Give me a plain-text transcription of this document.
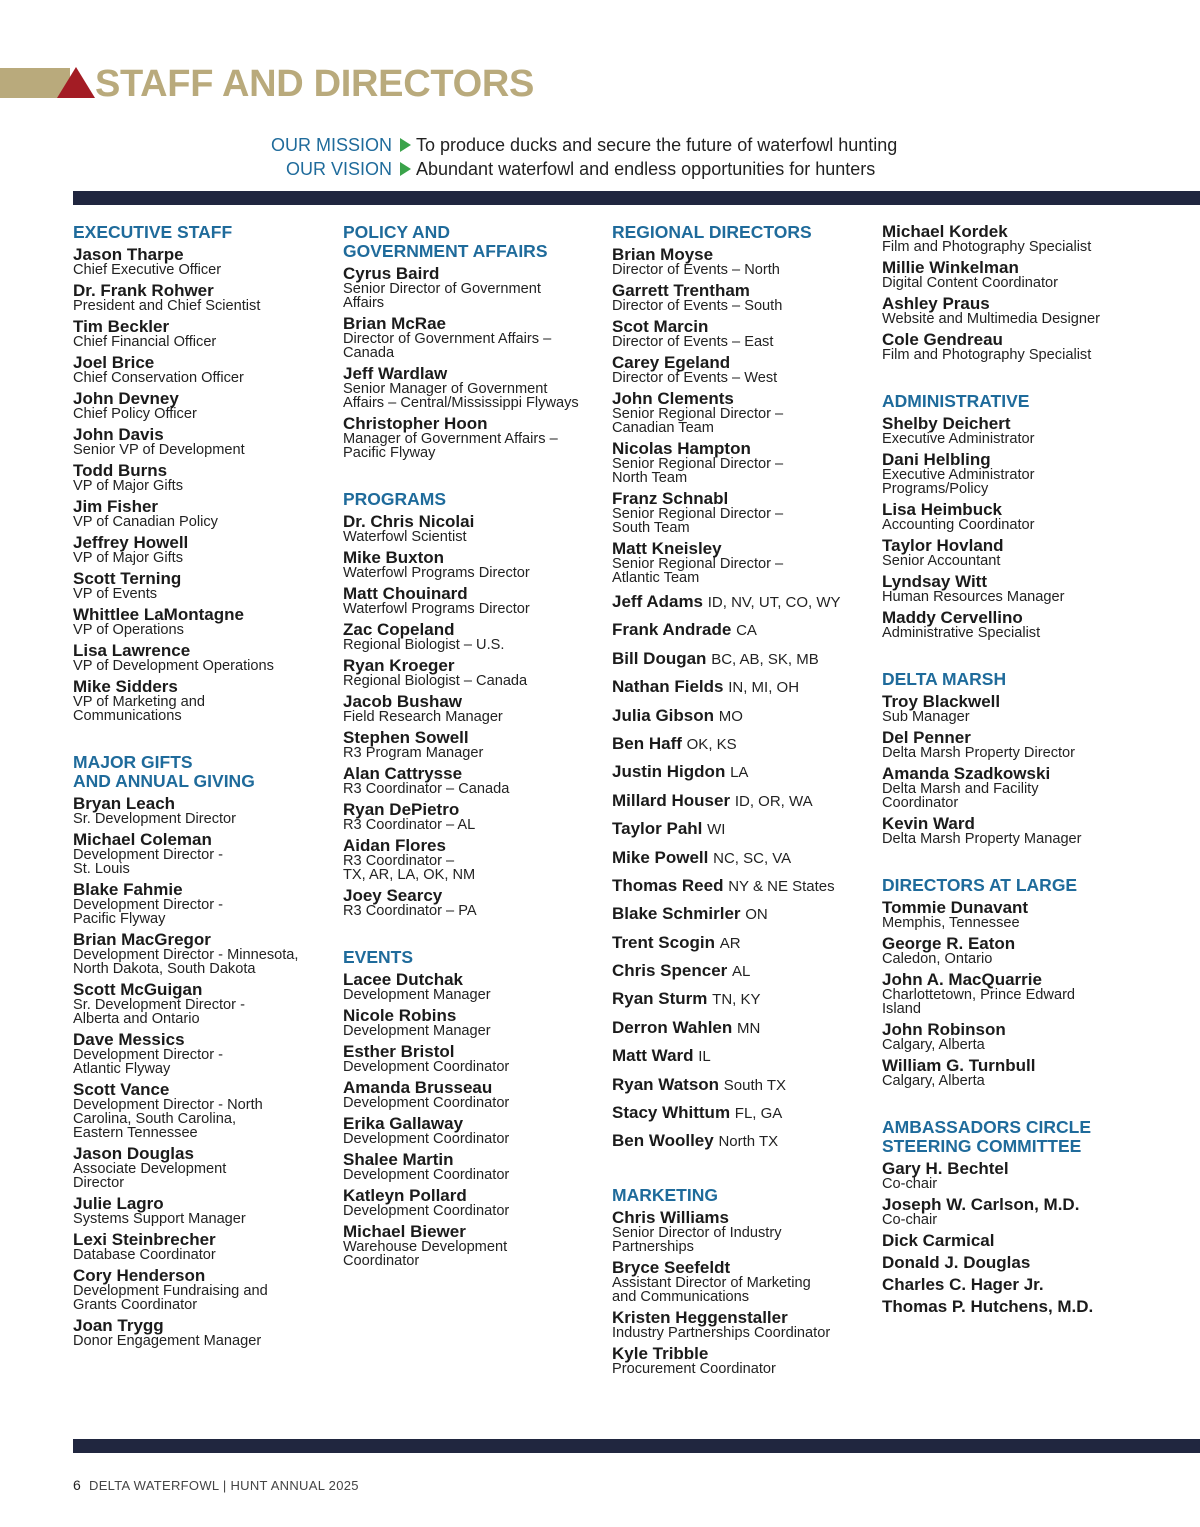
STAFF AND DIRECTORS
OUR MISSION To produce ducks and secure the future of waterfowl hunting
OUR VISION Abundant waterfowl and endless opportunities for hunters
EXECUTIVE STAFF
Jason Tharpe
Chief Executive Officer
Dr. Frank Rohwer
President and Chief Scientist
Tim Beckler
Chief Financial Officer
Joel Brice
Chief Conservation Officer
John Devney
Chief Policy Officer
John Davis
Senior VP of Development
Todd Burns
VP of Major Gifts
Jim Fisher
VP of Canadian Policy
Jeffrey Howell
VP of Major Gifts
Scott Terning
VP of Events
Whittlee LaMontagne
VP of Operations
Lisa Lawrence
VP of Development Operations
Mike Sidders
VP of Marketing and
Communications
MAJOR GIFTS
AND ANNUAL GIVING
Bryan Leach
Sr. Development Director
Michael Coleman
Development Director -
St. Louis
Blake Fahmie
Development Director -
Pacific Flyway
Brian MacGregor
Development Director - Minnesota,
North Dakota, South Dakota
Scott McGuigan
Sr. Development Director -
Alberta and Ontario
Dave Messics
Development Director -
Atlantic Flyway
Scott Vance
Development Director - North
Carolina, South Carolina,
Eastern Tennessee
Jason Douglas
Associate Development
Director
Julie Lagro
Systems Support Manager
Lexi Steinbrecher
Database Coordinator
Cory Henderson
Development Fundraising and
Grants Coordinator
Joan Trygg
Donor Engagement Manager
POLICY AND
GOVERNMENT AFFAIRS
Cyrus Baird
Senior Director of Government
Affairs
Brian McRae
Director of Government Affairs –
Canada
Jeff Wardlaw
Senior Manager of Government
Affairs – Central/Mississippi Flyways
Christopher Hoon
Manager of Government Affairs –
Pacific Flyway
PROGRAMS
Dr. Chris Nicolai
Waterfowl Scientist
Mike Buxton
Waterfowl Programs Director
Matt Chouinard
Waterfowl Programs Director
Zac Copeland
Regional Biologist – U.S.
Ryan Kroeger
Regional Biologist – Canada
Jacob Bushaw
Field Research Manager
Stephen Sowell
R3 Program Manager
Alan Cattryssе
R3 Coordinator – Canada
Ryan DePietro
R3 Coordinator – AL
Aidan Flores
R3 Coordinator –
TX, AR, LA, OK, NM
Joey Searcy
R3 Coordinator – PA
EVENTS
Lacee Dutchak
Development Manager
Nicole Robins
Development Manager
Esther Bristol
Development Coordinator
Amanda Brusseau
Development Coordinator
Erika Gallaway
Development Coordinator
Shalee Martin
Development Coordinator
Katleyn Pollard
Development Coordinator
Michael Biewer
Warehouse Development
Coordinator
REGIONAL DIRECTORS
Brian Moyse
Director of Events – North
Garrett Trentham
Director of Events – South
Scot Marcin
Director of Events – East
Carey Egeland
Director of Events – West
John Clements
Senior Regional Director –
Canadian Team
Nicolas Hampton
Senior Regional Director –
North Team
Franz Schnabl
Senior Regional Director –
South Team
Matt Kneisley
Senior Regional Director –
Atlantic Team
Jeff Adams ID, NV, UT, CO, WY
Frank Andrade CA
Bill Dougan BC, AB, SK, MB
Nathan Fields IN, MI, OH
Julia Gibson MO
Ben Haff OK, KS
Justin Higdon LA
Millard Houser ID, OR, WA
Taylor Pahl WI
Mike Powell NC, SC, VA
Thomas Reed NY & NE States
Blake Schmirler ON
Trent Scogin AR
Chris Spencer AL
Ryan Sturm TN, KY
Derron Wahlen MN
Matt Ward IL
Ryan Watson South TX
Stacy Whittum FL, GA
Ben Woolley North TX
MARKETING
Chris Williams
Senior Director of Industry
Partnerships
Bryce Seefeldt
Assistant Director of Marketing
and Communications
Kristen Heggenstaller
Industry Partnerships Coordinator
Kyle Tribble
Procurement Coordinator
Michael Kordek
Film and Photography Specialist
Millie Winkelman
Digital Content Coordinator
Ashley Praus
Website and Multimedia Designer
Cole Gendreau
Film and Photography Specialist
ADMINISTRATIVE
Shelby Deichert
Executive Administrator
Dani Helbling
Executive Administrator
Programs/Policy
Lisa Heimbuck
Accounting Coordinator
Taylor Hovland
Senior Accountant
Lyndsay Witt
Human Resources Manager
Maddy Cervellino
Administrative Specialist
DELTA MARSH
Troy Blackwell
Sub Manager
Del Penner
Delta Marsh Property Director
Amanda Szadkowski
Delta Marsh and Facility
Coordinator
Kevin Ward
Delta Marsh Property Manager
DIRECTORS AT LARGE
Tommie Dunavant
Memphis, Tennessee
George R. Eaton
Caledon, Ontario
John A. MacQuarrie
Charlottetown, Prince Edward
Island
John Robinson
Calgary, Alberta
William G. Turnbull
Calgary, Alberta
AMBASSADORS CIRCLE
STEERING COMMITTEE
Gary H. Bechtel
Co-chair
Joseph W. Carlson, M.D.
Co-chair
Dick Carmical
Donald J. Douglas
Charles C. Hager Jr.
Thomas P. Hutchens, M.D.
6 DELTA WATERFOWL | HUNT ANNUAL 2025
